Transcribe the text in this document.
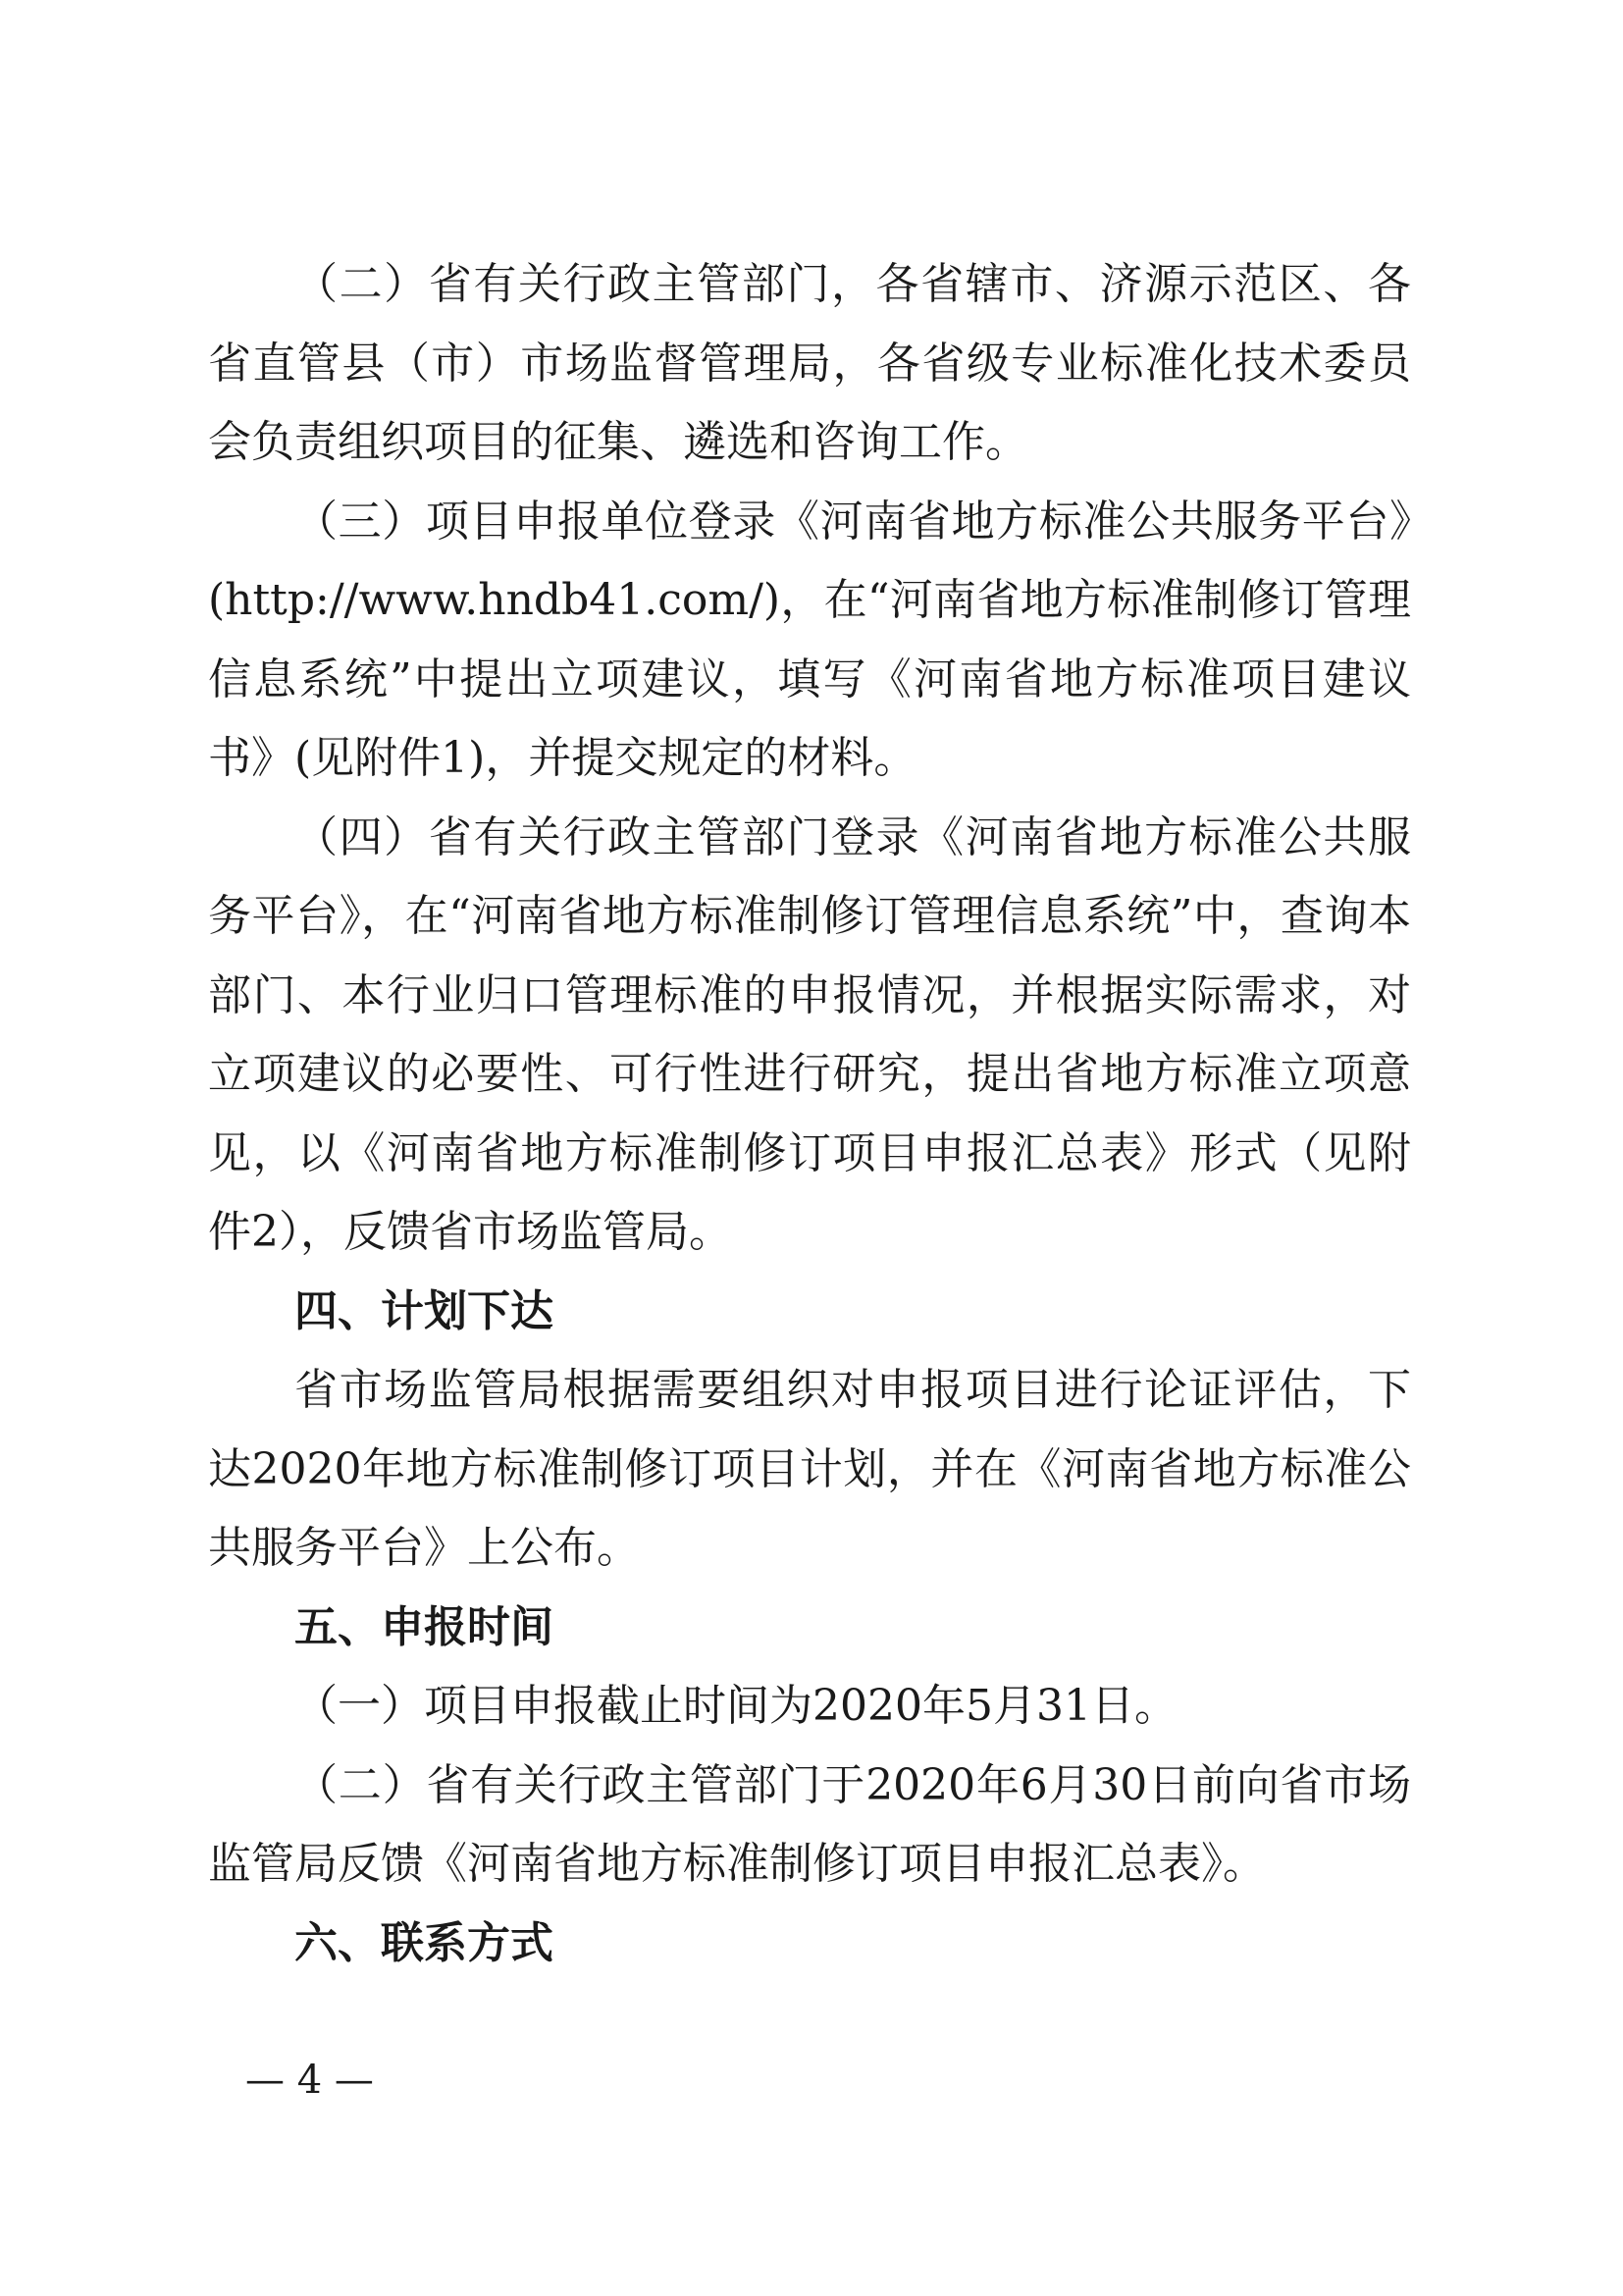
（二）省有关行政主管部门，各省辖市、济源示范区、各省直管县（市）市场监督管理局，各省级专业标准化技术委员会负责组织项目的征集、遴选和咨询工作。

（三）项目申报单位登录《河南省地方标准公共服务平台》(http://www.hndb41.com/)，在“河南省地方标准制修订管理信息系统”中提出立项建议，填写《河南省地方标准项目建议书》(见附件1)，并提交规定的材料。

（四）省有关行政主管部门登录《河南省地方标准公共服务平台》，在“河南省地方标准制修订管理信息系统”中，查询本部门、本行业归口管理标准的申报情况，并根据实际需求，对立项建议的必要性、可行性进行研究，提出省地方标准立项意见，以《河南省地方标准制修订项目申报汇总表》形式（见附件2），反馈省市场监管局。

四、计划下达

省市场监管局根据需要组织对申报项目进行论证评估，下达2020年地方标准制修订项目计划，并在《河南省地方标准公共服务平台》上公布。

五、申报时间

（一）项目申报截止时间为2020年5月31日。

（二）省有关行政主管部门于2020年6月30日前向省市场监管局反馈《河南省地方标准制修订项目申报汇总表》。

六、联系方式
— 4 —
